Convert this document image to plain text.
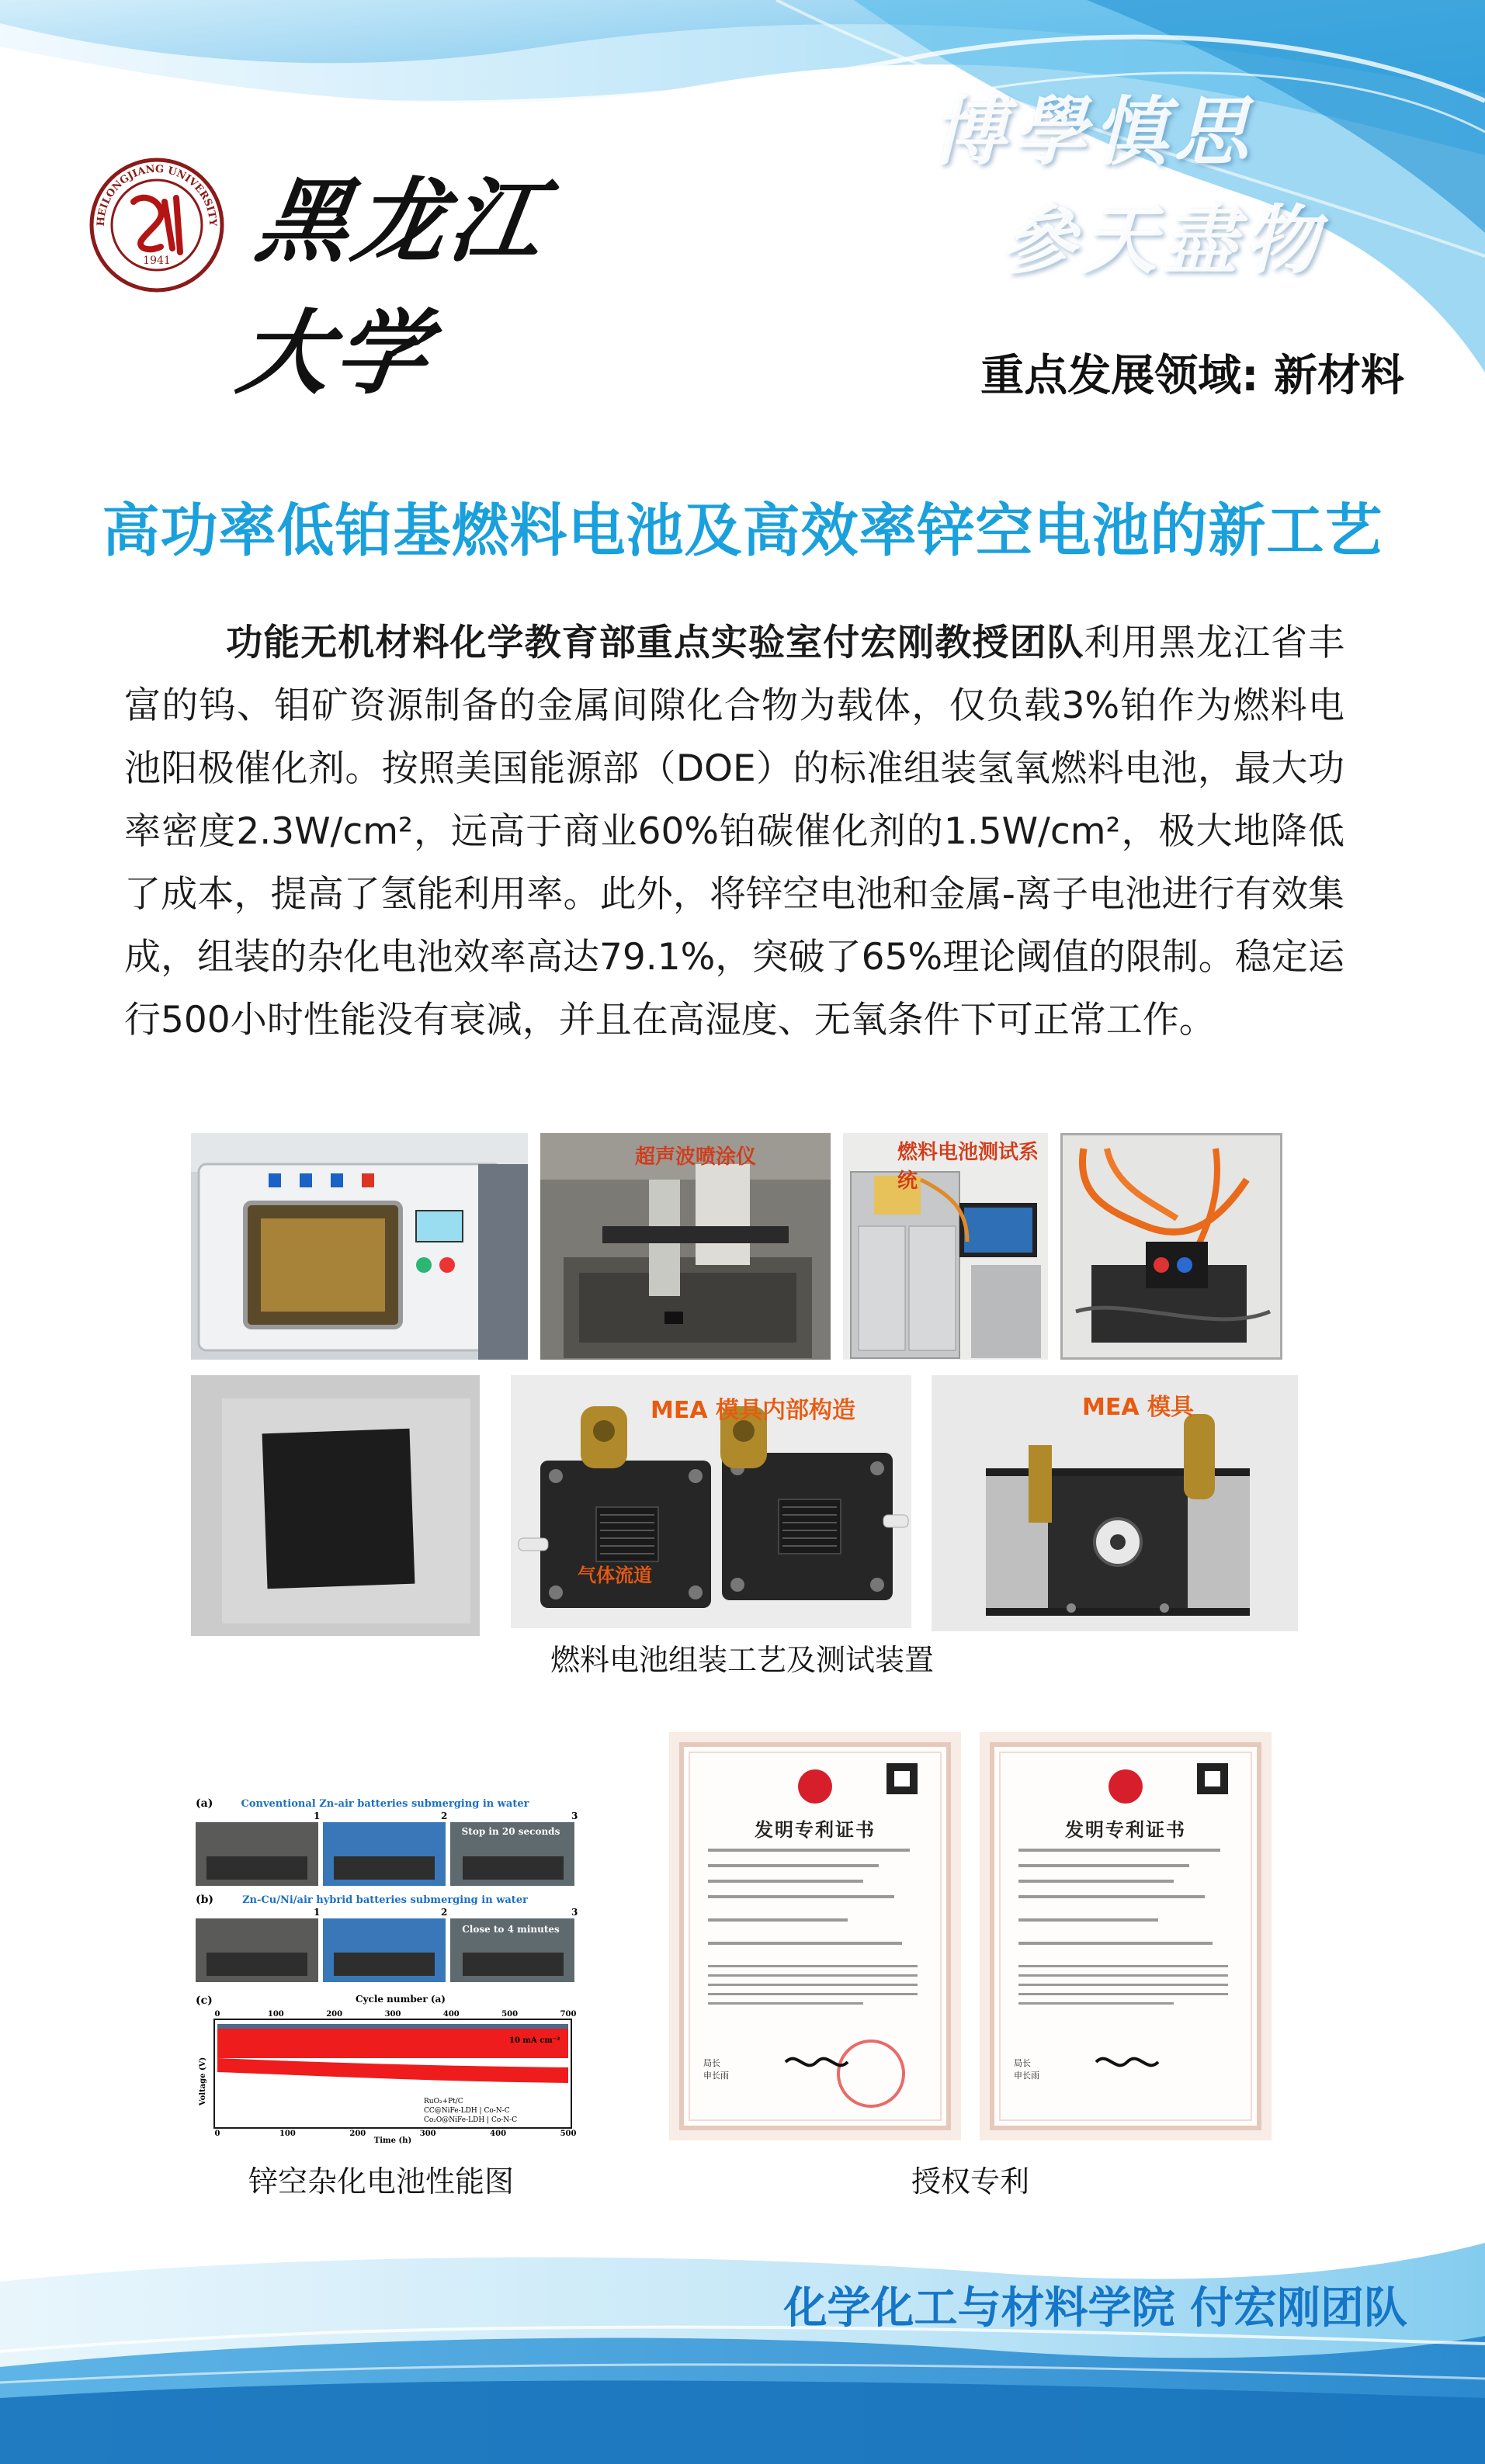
HEILONGJIANG UNIVERSITY
1941 黑龙江大学
博學慎思
參天盡物
重点发展领域: 新材料
高功率低铂基燃料电池及高效率锌空电池的新工艺
功能无机材料化学教育部重点实验室付宏刚教授团队利用黑龙江省丰富的钨、钼矿资源制备的金属间隙化合物为载体，仅负载3%铂作为燃料电池阳极催化剂。按照美国能源部（DOE）的标准组装氢氧燃料电池，最大功率密度2.3W/cm²，远高于商业60%铂碳催化剂的1.5W/cm²，极大地降低了成本，提高了氢能利用率。此外，将锌空电池和金属-离子电池进行有效集成，组装的杂化电池效率高达79.1%，突破了65%理论阈值的限制。稳定运行500小时性能没有衰减，并且在高湿度、无氧条件下可正常工作。
超声波喷涂仪	燃料电池测试系统
MEA 模具内部构造
气体流道
MEA 模具
燃料电池组装工艺及测试装置
(a)	Conventional Zn-air batteries submerging in water
1	2	3
Stop in 20 seconds
(b)	Zn-Cu/Ni/air hybrid batteries submerging in water
1	2	3
Close to 4 minutes
(c)	Cycle number (a)
0	100	200	300	400	500	700
10 mA cm⁻²
Voltage (V)	RuO₂+Pt/C
CC@NiFe-LDH | Co-N-C
Co₂O@NiFe-LDH | Co-N-C
0	100	200	300	400	500
Time (h)
锌空杂化电池性能图
发明专利证书
局长
申长雨
发明专利证书
局长
申长雨
授权专利
化学化工与材料学院 付宏刚团队
